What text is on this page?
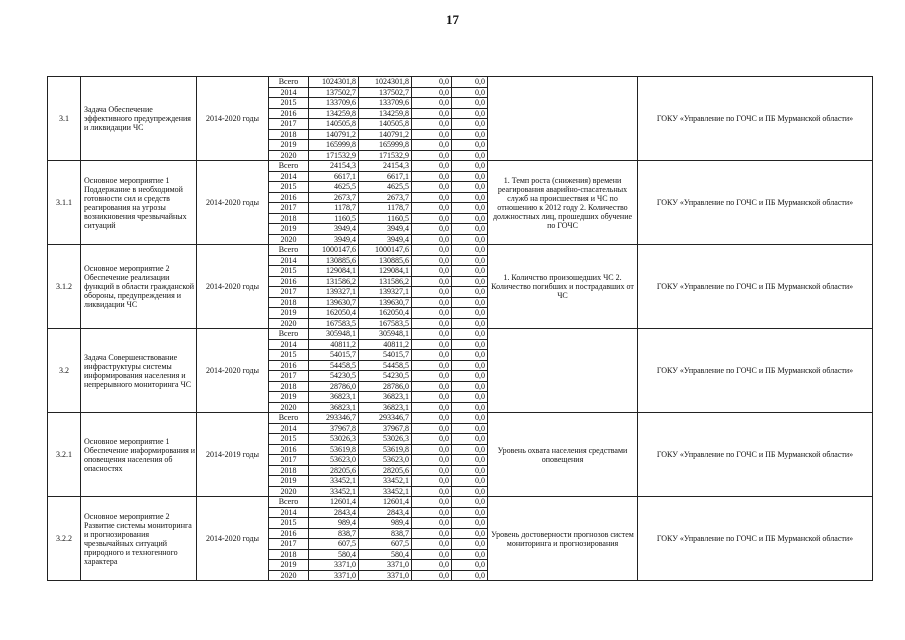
17
3.1	Задача Обеспечение эффективного предупреждения и ликвидации ЧС	2014-2020 годы	Всего	1024301,8	1024301,8	0,0	0,0		ГОКУ «Управление по ГОЧС и ПБ Мурманской области»
			2014	137502,7	137502,7	0,0	0,0		
			2015	133709,6	133709,6	0,0	0,0		
			2016	134259,8	134259,8	0,0	0,0		
			2017	140505,8	140505,8	0,0	0,0		
			2018	140791,2	140791,2	0,0	0,0		
			2019	165999,8	165999,8	0,0	0,0		
			2020	171532,9	171532,9	0,0	0,0		
3.1.1	Основное мероприятие 1 Поддержание в необходимой готовности сил и средств реагирования на угрозы возникновения чрезвычайных ситуаций	2014-2020 годы	Всего	24154,3	24154,3	0,0	0,0	1. Темп роста (снижения) времени реагирования аварийно-спасательных служб на происшествия и ЧС по отношению к 2012 году 2. Количество должностных лиц, прошедших обучение по ГОЧС	ГОКУ «Управление по ГОЧС и ПБ Мурманской области»
			2014	6617,1	6617,1	0,0	0,0		
			2015	4625,5	4625,5	0,0	0,0		
			2016	2673,7	2673,7	0,0	0,0		
			2017	1178,7	1178,7	0,0	0,0		
			2018	1160,5	1160,5	0,0	0,0		
			2019	3949,4	3949,4	0,0	0,0		
			2020	3949,4	3949,4	0,0	0,0		
3.1.2	Основное мероприятие 2 Обеспечение реализации функций в области гражданской обороны, предупреждения и ликвидации ЧС	2014-2020 годы	Всего	1000147,6	1000147,6	0,0	0,0	1. Количство произошедших ЧС 2. Количество погибших и пострадавших от ЧС	ГОКУ «Управление по ГОЧС и ПБ Мурманской области»
			2014	130885,6	130885,6	0,0	0,0		
			2015	129084,1	129084,1	0,0	0,0		
			2016	131586,2	131586,2	0,0	0,0		
			2017	139327,1	139327,1	0,0	0,0		
			2018	139630,7	139630,7	0,0	0,0		
			2019	162050,4	162050,4	0,0	0,0		
			2020	167583,5	167583,5	0,0	0,0		
3.2	Задача Совершенствование инфраструктуры системы информирования населения и непрерывного мониторинга ЧС	2014-2020 годы	Всего	305948,1	305948,1	0,0	0,0		ГОКУ «Управление по ГОЧС и ПБ Мурманской области»
			2014	40811,2	40811,2	0,0	0,0		
			2015	54015,7	54015,7	0,0	0,0		
			2016	54458,5	54458,5	0,0	0,0		
			2017	54230,5	54230,5	0,0	0,0		
			2018	28786,0	28786,0	0,0	0,0		
			2019	36823,1	36823,1	0,0	0,0		
			2020	36823,1	36823,1	0,0	0,0		
3.2.1	Основное мероприятие 1 Обеспечение информирования и оповещения населения об опасностях	2014-2019 годы	Всего	293346,7	293346,7	0,0	0,0	Уровень охвата населения средствами оповещения	ГОКУ «Управление по ГОЧС и ПБ Мурманской области»
			2014	37967,8	37967,8	0,0	0,0		
			2015	53026,3	53026,3	0,0	0,0		
			2016	53619,8	53619,8	0,0	0,0		
			2017	53623,0	53623,0	0,0	0,0		
			2018	28205,6	28205,6	0,0	0,0		
			2019	33452,1	33452,1	0,0	0,0		
			2020	33452,1	33452,1	0,0	0,0		
3.2.2	Основное мероприятие 2 Развитие системы мониторинга и прогнозирования чрезвычайных ситуаций природного и техногенного характера	2014-2020 годы	Всего	12601,4	12601,4	0,0	0,0	Уровень достоверности прогнозов систем мониторинга и прогнозирования	ГОКУ «Управление по ГОЧС и ПБ Мурманской области»
			2014	2843,4	2843,4	0,0	0,0		
			2015	989,4	989,4	0,0	0,0		
			2016	838,7	838,7	0,0	0,0		
			2017	607,5	607,5	0,0	0,0		
			2018	580,4	580,4	0,0	0,0		
			2019	3371,0	3371,0	0,0	0,0		
			2020	3371,0	3371,0	0,0	0,0		
